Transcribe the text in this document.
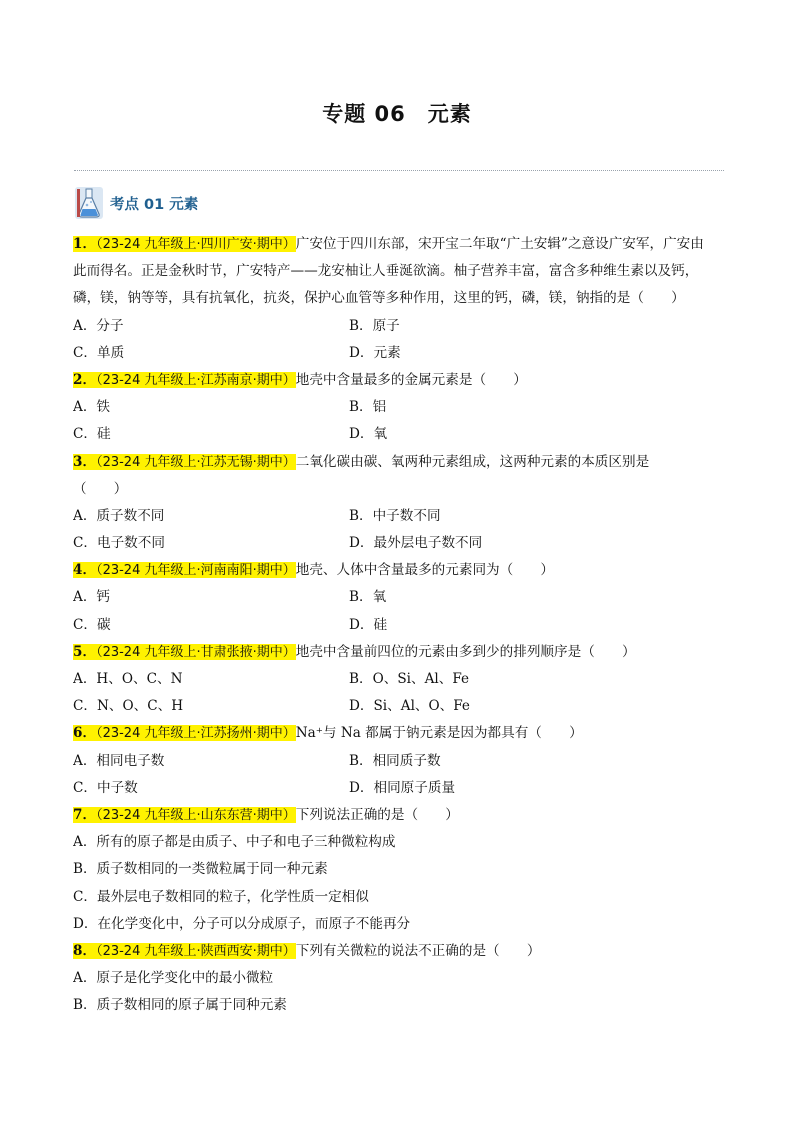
专题 06　元素
考点 01 元素
1．（23-24 九年级上·四川广安·期中）广安位于四川东部，宋开宝二年取“广土安辑”之意设广安军，广安由
此而得名。正是金秋时节，广安特产——龙安柚让人垂涎欲滴。柚子营养丰富，富含多种维生素以及钙，
磷，镁，钠等等，具有抗氧化，抗炎，保护心血管等多种作用，这里的钙，磷，镁，钠指的是（　　）
A．分子	B．原子
C．单质	D．元素
2．（23-24 九年级上·江苏南京·期中）地壳中含量最多的金属元素是（　　）
A．铁	B．铝
C．硅	D．氧
3．（23-24 九年级上·江苏无锡·期中）二氧化碳由碳、氧两种元素组成，这两种元素的本质区别是
（　　）
A．质子数不同	B．中子数不同
C．电子数不同	D．最外层电子数不同
4．（23-24 九年级上·河南南阳·期中）地壳、人体中含量最多的元素同为（　　）
A．钙	B．氧
C．碳	D．硅
5．（23-24 九年级上·甘肃张掖·期中）地壳中含量前四位的元素由多到少的排列顺序是（　　）
A．H、O、C、N	B．O、Si、Al、Fe
C．N、O、C、H	D．Si、Al、O、Fe
6．（23-24 九年级上·江苏扬州·期中）Na⁺与 Na 都属于钠元素是因为都具有（　　）
A．相同电子数	B．相同质子数
C．中子数	D．相同原子质量
7．（23-24 九年级上·山东东营·期中）下列说法正确的是（　　）
A．所有的原子都是由质子、中子和电子三种微粒构成
B．质子数相同的一类微粒属于同一种元素
C．最外层电子数相同的粒子，化学性质一定相似
D．在化学变化中，分子可以分成原子，而原子不能再分
8．（23-24 九年级上·陕西西安·期中）下列有关微粒的说法不正确的是（　　）
A．原子是化学变化中的最小微粒
B．质子数相同的原子属于同种元素
